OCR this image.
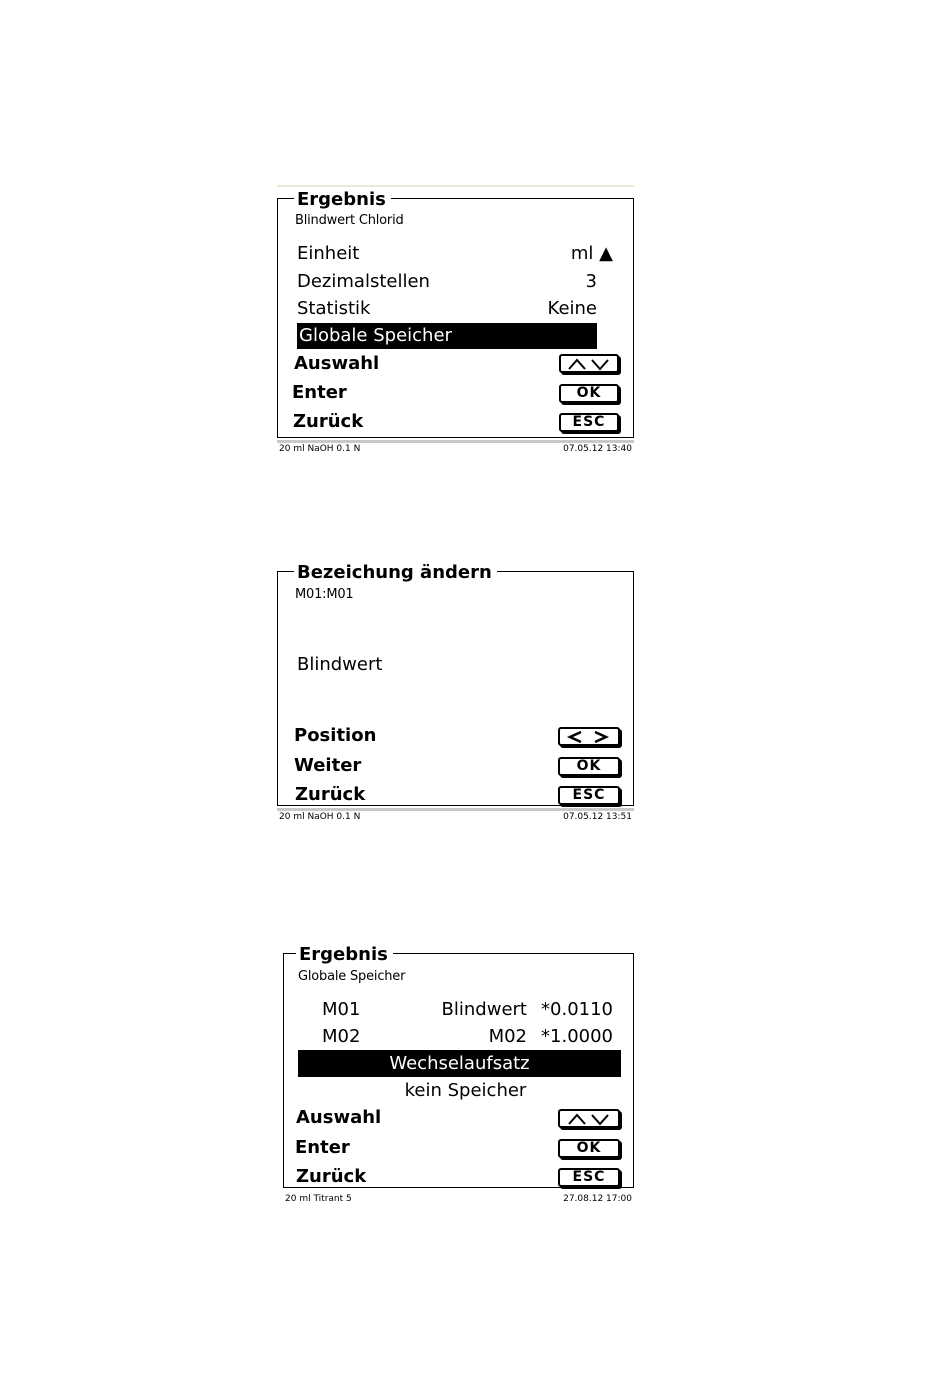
Ergebnis
Blindwert Chlorid
Einheit	ml ▲
Dezimalstellen	3
Statistik	Keine
Globale Speicher
Auswahl
Enter	OK
Zurück	ESC
20 ml NaOH 0.1 N	07.05.12 13:40
Bezeichung ändern
M01:M01
Blindwert
Position
Weiter	OK
Zurück	ESC
20 ml NaOH 0.1 N	07.05.12 13:51
Ergebnis
Globale Speicher
M01	Blindwert *0.0110
M02	M02 *1.0000
Wechselaufsatz
kein Speicher
Auswahl
Enter	OK
Zurück	ESC
20 ml Titrant 5	27.08.12 17:00
